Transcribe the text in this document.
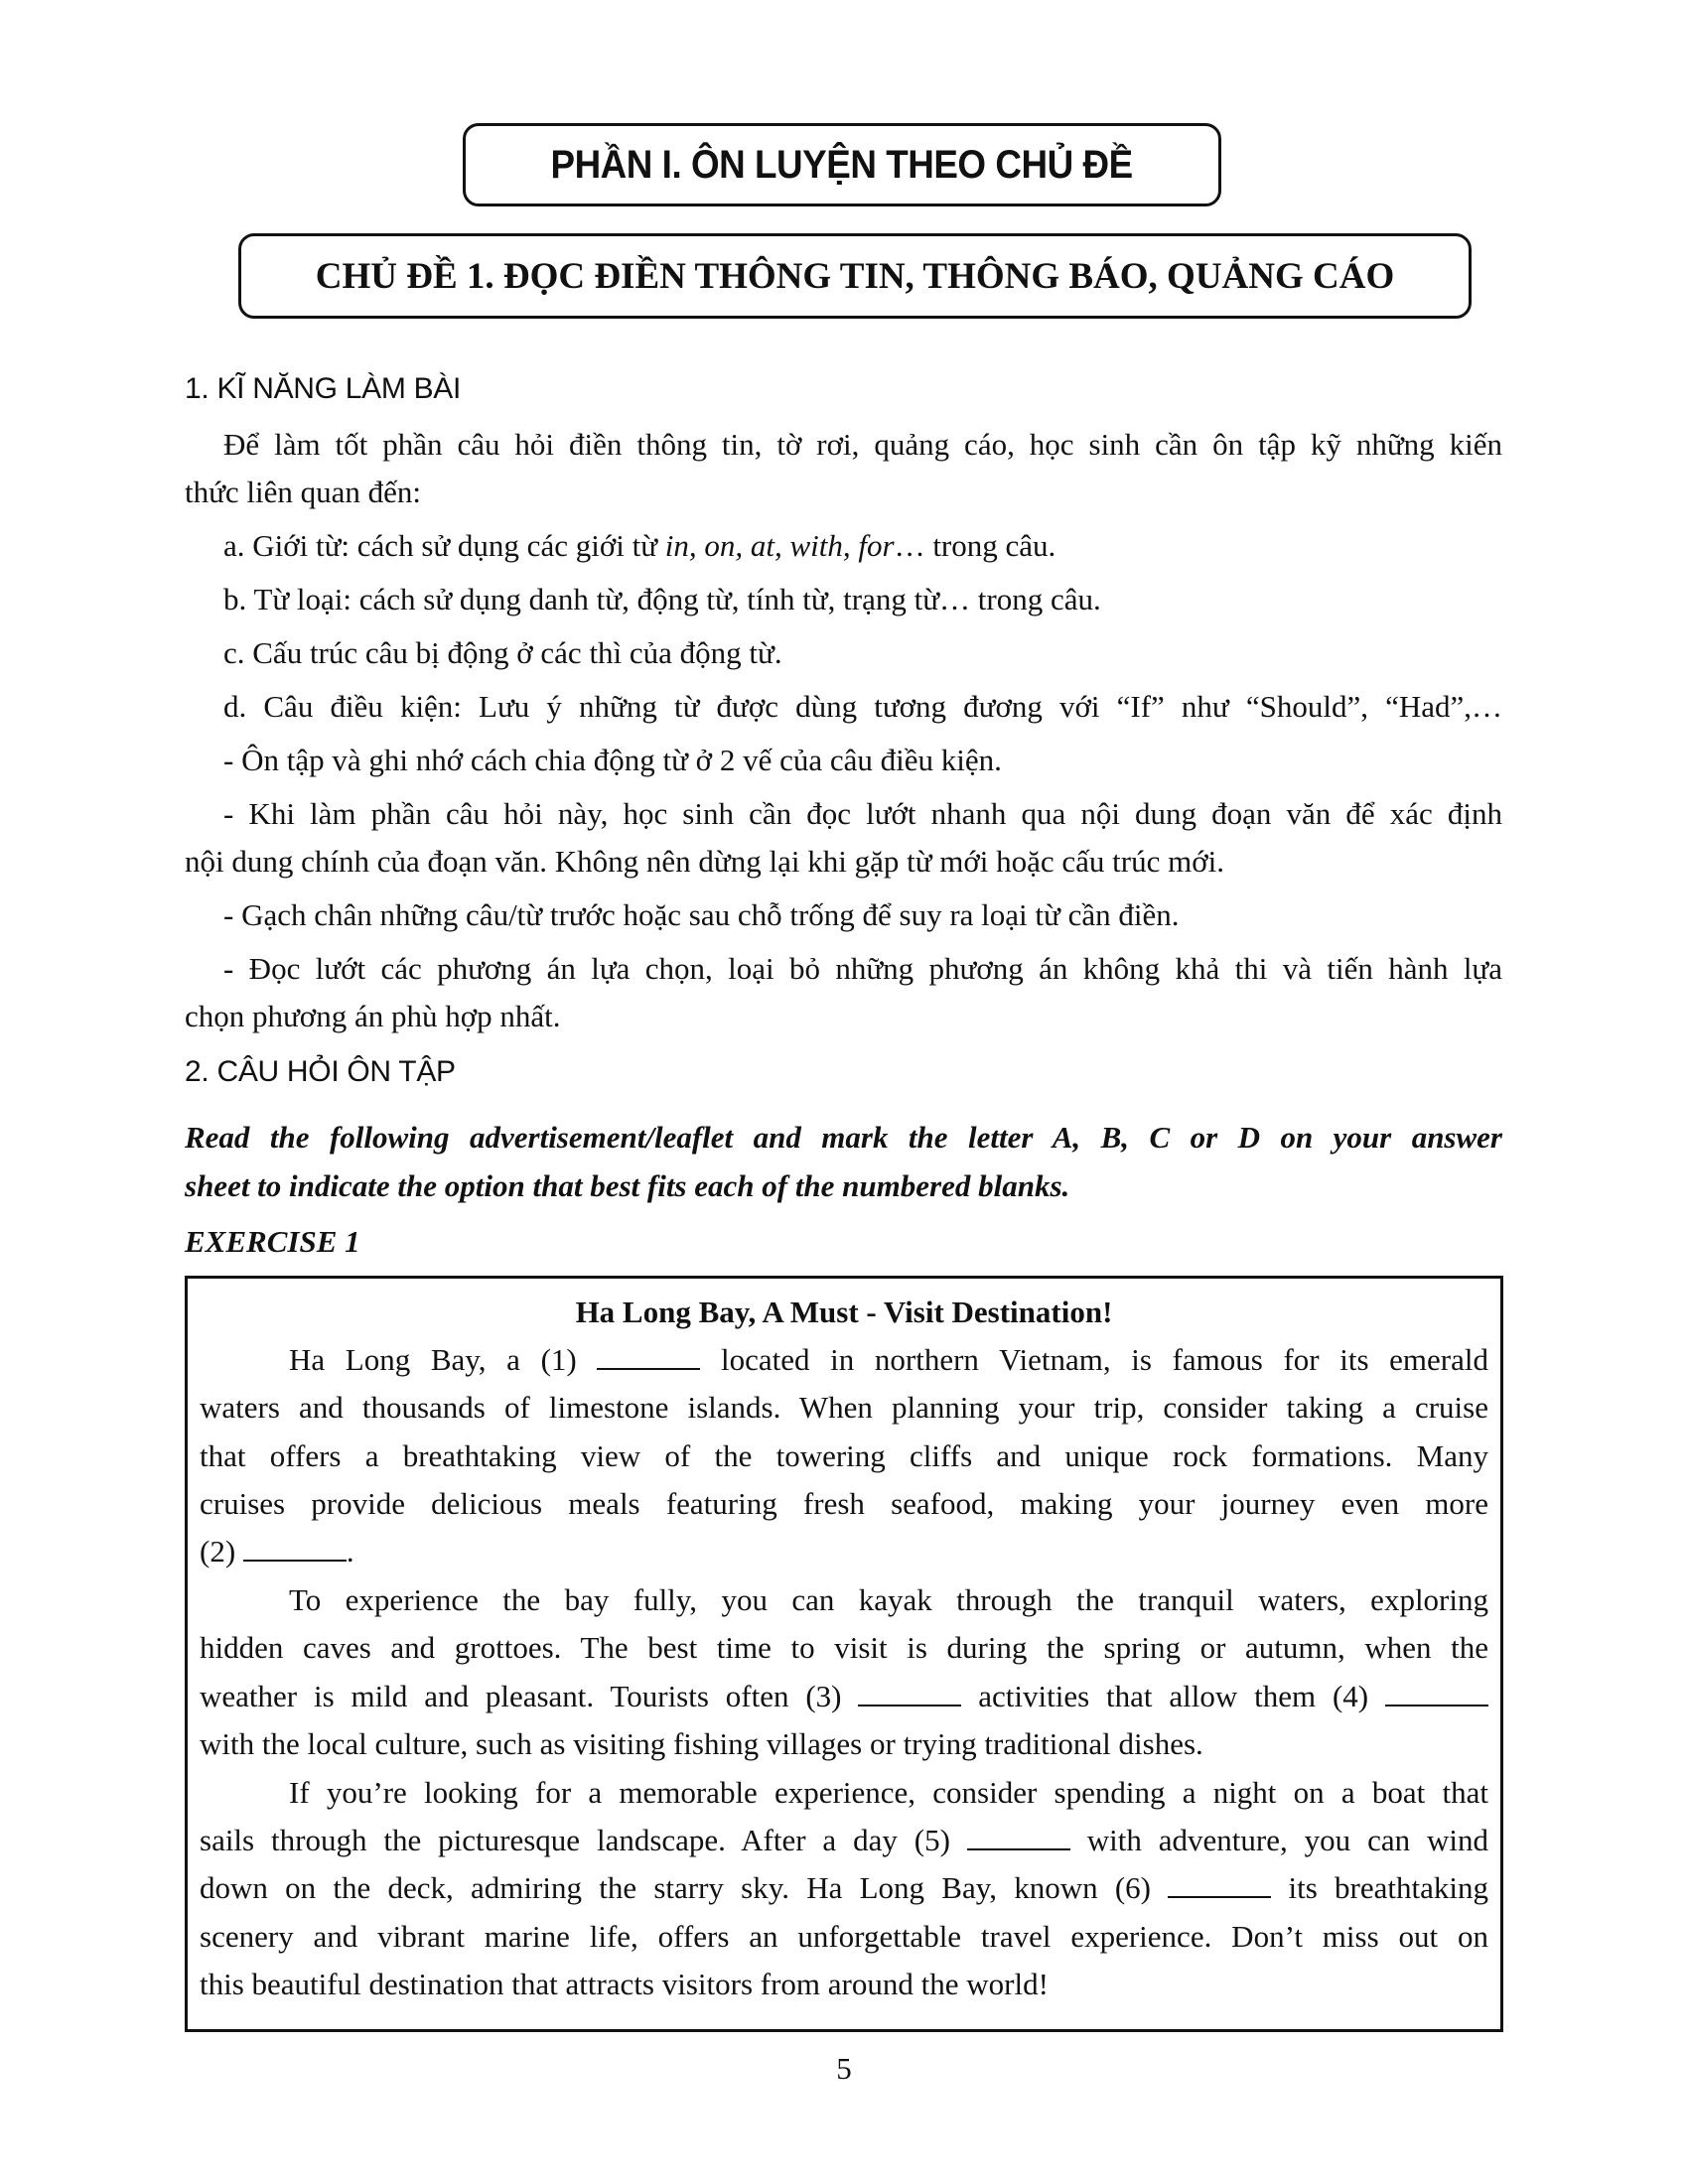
PHẦN I. ÔN LUYỆN THEO CHỦ ĐỀ
CHỦ ĐỀ 1. ĐỌC ĐIỀN THÔNG TIN, THÔNG BÁO, QUẢNG CÁO
1. KĨ NĂNG LÀM BÀI
Để làm tốt phần câu hỏi điền thông tin, tờ rơi, quảng cáo, học sinh cần ôn tập kỹ những kiến
thức liên quan đến:
a. Giới từ: cách sử dụng các giới từ in, on, at, with, for… trong câu.
b. Từ loại: cách sử dụng danh từ, động từ, tính từ, trạng từ… trong câu.
c. Cấu trúc câu bị động ở các thì của động từ.
d. Câu điều kiện: Lưu ý những từ được dùng tương đương với “If” như “Should”, “Had”,…
- Ôn tập và ghi nhớ cách chia động từ ở 2 vế của câu điều kiện.
- Khi làm phần câu hỏi này, học sinh cần đọc lướt nhanh qua nội dung đoạn văn để xác định
nội dung chính của đoạn văn. Không nên dừng lại khi gặp từ mới hoặc cấu trúc mới.
- Gạch chân những câu/từ trước hoặc sau chỗ trống để suy ra loại từ cần điền.
- Đọc lướt các phương án lựa chọn, loại bỏ những phương án không khả thi và tiến hành lựa
chọn phương án phù hợp nhất.
2. CÂU HỎI ÔN TẬP
Read the following advertisement/leaflet and mark the letter A, B, C or D on your answer
sheet to indicate the option that best fits each of the numbered blanks.
EXERCISE 1
Ha Long Bay, A Must - Visit Destination!
Ha Long Bay, a (1)	located in northern Vietnam, is famous for its emerald
waters and thousands of limestone islands. When planning your trip, consider taking a cruise
that offers a breathtaking view of the towering cliffs and unique rock formations. Many
cruises provide delicious meals featuring fresh seafood, making your journey even more
(2)	.
To experience the bay fully, you can kayak through the tranquil waters, exploring
hidden caves and grottoes. The best time to visit is during the spring or autumn, when the
weather is mild and pleasant. Tourists often (3)	activities that allow them (4)
with the local culture, such as visiting fishing villages or trying traditional dishes.
If you’re looking for a memorable experience, consider spending a night on a boat that
sails through the picturesque landscape. After a day (5)	with adventure, you can wind
down on the deck, admiring the starry sky. Ha Long Bay, known (6)	its breathtaking
scenery and vibrant marine life, offers an unforgettable travel experience. Don’t miss out on
this beautiful destination that attracts visitors from around the world!
5
